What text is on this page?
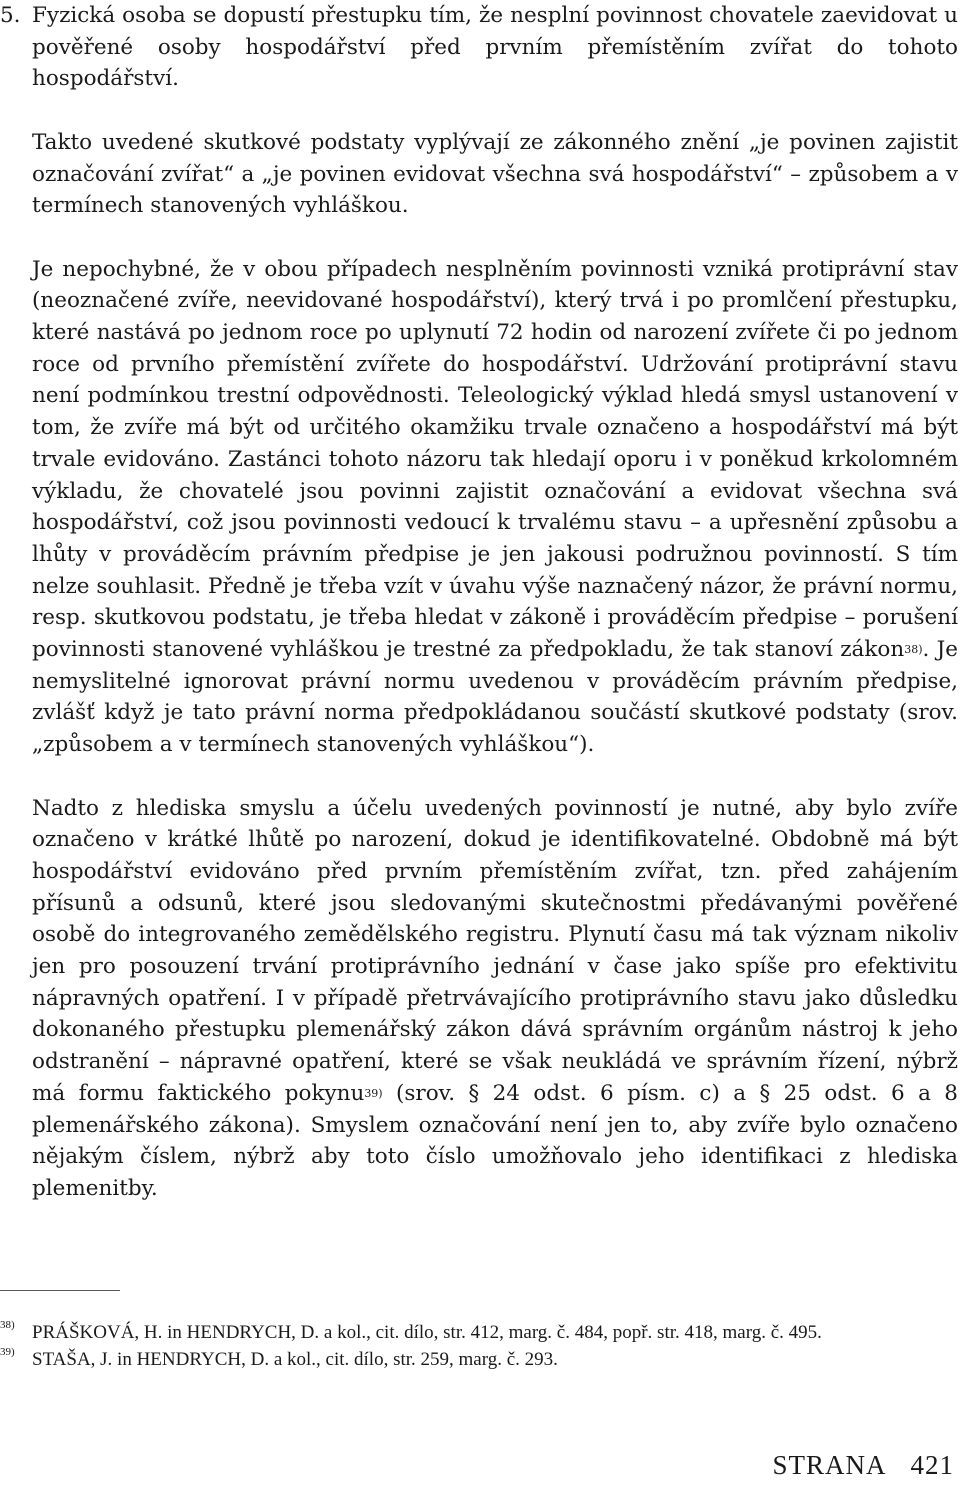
5. Fyzická osoba se dopustí přestupku tím, že nesplní povinnost chovatele zaevidovat u pověřené osoby hospodářství před prvním přemístěním zvířat do tohoto hospodářství.

Takto uvedené skutkové podstaty vyplývají ze zákonného znění „je povinen zajistit označování zvířat“ a „je povinen evidovat všechna svá hospodářství“ – způsobem a v termínech stanovených vyhláškou.

Je nepochybné, že v obou případech nesplněním povinnosti vzniká protiprávní stav (neoznačené zvíře, neevidované hospodářství), který trvá i po promlčení přestupku, které nastává po jednom roce po uplynutí 72 hodin od narození zvířete či po jednom roce od prvního přemístění zvířete do hospodářství. Udržování protiprávní stavu není podmínkou trestní odpovědnosti. Teleologický výklad hledá smysl ustanovení v tom, že zvíře má být od určitého okamžiku trvale označeno a hospodářství má být trvale evidováno. Zastánci tohoto názoru tak hledají oporu i v poněkud krkolomném výkladu, že chovatelé jsou povinni zajistit označování a evidovat všechna svá hospodářství, což jsou povinnosti vedoucí k trvalému stavu – a upřesnění způsobu a lhůty v prováděcím právním předpise je jen jakousi podružnou povinností. S tím nelze souhlasit. Předně je třeba vzít v úvahu výše naznačený názor, že právní normu, resp. skutkovou podstatu, je třeba hledat v zákoně i prováděcím předpise – porušení povinnosti stanovené vyhláškou je trestné za předpokladu, že tak stanoví zákon$^{38)}$. Je nemyslitelné ignorovat právní normu uvedenou v prováděcím právním předpise, zvlášť když je tato právní norma předpokládanou součástí skutkové podstaty (srov. „způsobem a v termínech stanovených vyhláškou“).

Nadto z hlediska smyslu a účelu uvedených povinností je nutné, aby bylo zvíře označeno v krátké lhůtě po narození, dokud je identifikovatelné. Obdobně má být hospodářství evidováno před prvním přemístěním zvířat, tzn. před zahájením přísunů a odsunů, které jsou sledovanými skutečnostmi předávanými pověřené osobě do integrovaného zemědělského registru. Plynutí času má tak význam nikoliv jen pro posouzení trvání protiprávního jednání v čase jako spíše pro efektivitu nápravných opatření. I v případě přetrvávajícího protiprávního stavu jako důsledku dokonaného přestupku plemenářský zákon dává správním orgánům nástroj k jeho odstranění – nápravné opatření, které se však neukládá ve správním řízení, nýbrž má formu faktického pokynu$^{39)}$ (srov. § 24 odst. 6 písm. c) a § 25 odst. 6 a 8 plemenářského zákona). Smyslem označování není jen to, aby zvíře bylo označeno nějakým číslem, nýbrž aby toto číslo umožňovalo jeho identifikaci z hlediska plemenitby.

38) PRÁŠKOVÁ, H. in HENDRYCH, D. a kol., cit. dílo, str. 412, marg. č. 484, popř. str. 418, marg. č. 495.
39) STAŠA, J. in HENDRYCH, D. a kol., cit. dílo, str. 259, marg. č. 293.
STRANA 421
